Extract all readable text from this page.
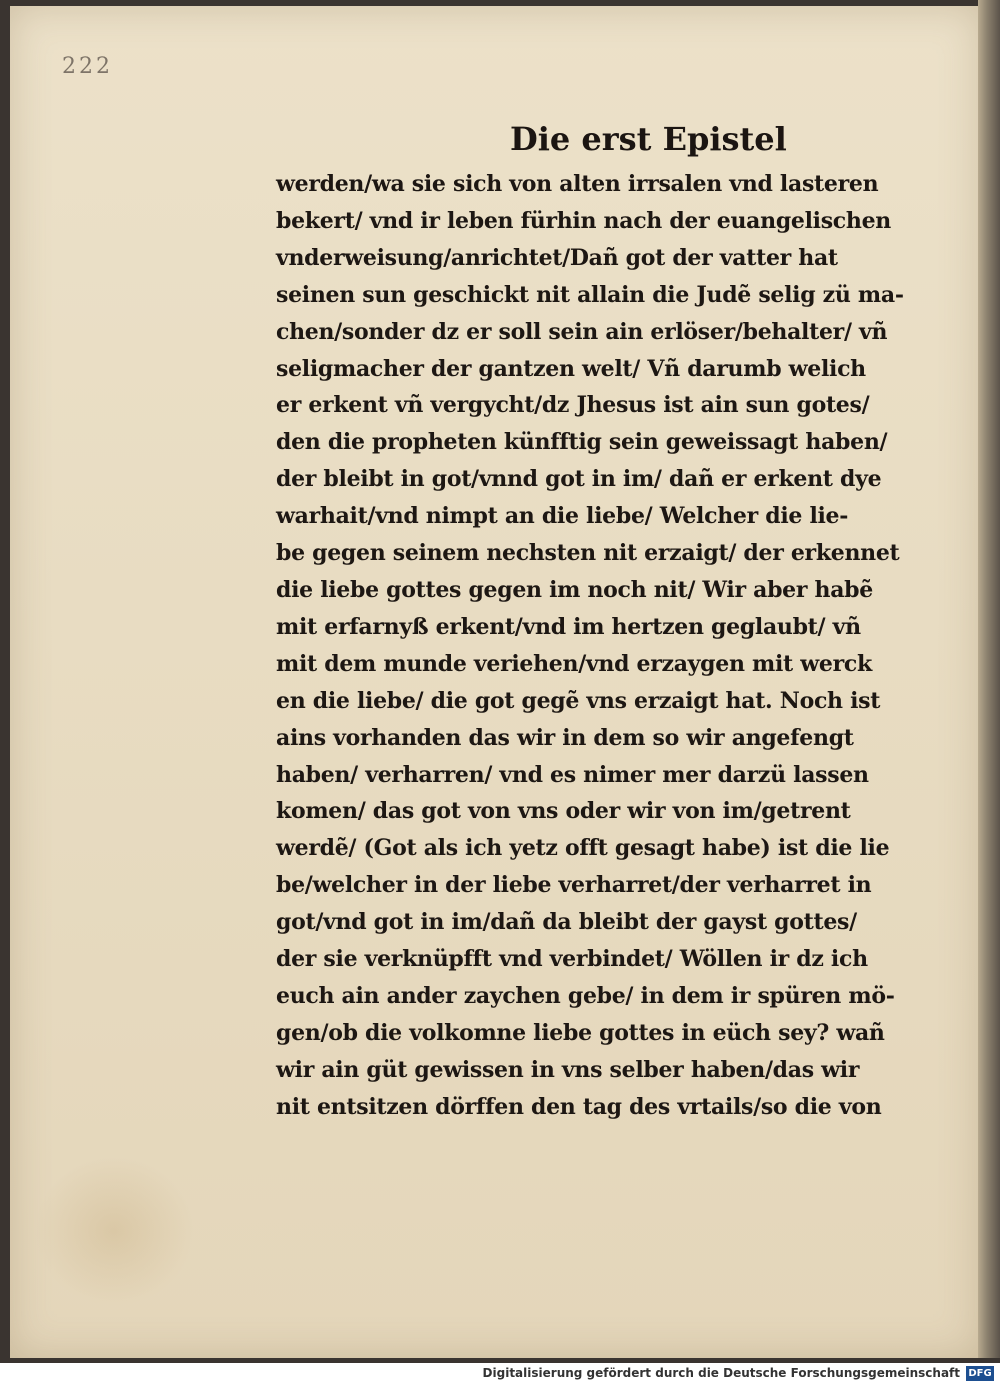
222
Die erst Epistel
werden/wa sie sich von alten irrsalen vnd lasteren
bekert/ vnd ir leben fürhin nach der euangelischen
vnderweisung/anrichtet/Dañ got der vatter hat
seinen sun geschickt nit allain die Judẽ selig zü ma-
chen/sonder dz er soll sein ain erlöser/behalter/ vñ
seligmacher der gantzen welt/ Vñ darumb welich
er erkent vñ vergycht/dz Jhesus ist ain sun gotes/
den die propheten künfftig sein geweissagt haben/
der bleibt in got/vnnd got in im/ dañ er erkent dye
warhait/vnd nimpt an die liebe/ Welcher die lie-
be gegen seinem nechsten nit erzaigt/ der erkennet
die liebe gottes gegen im noch nit/ Wir aber habẽ
mit erfarnyß erkent/vnd im hertzen geglaubt/ vñ
mit dem munde veriehen/vnd erzaygen mit werck
en die liebe/ die got gegẽ vns erzaigt hat. Noch ist
ains vorhanden das wir in dem so wir angefengt
haben/ verharren/ vnd es nimer mer darzü lassen
komen/ das got von vns oder wir von im/getrent
werdẽ/ (Got als ich yetz offt gesagt habe) ist die lie
be/welcher in der liebe verharret/der verharret in
got/vnd got in im/dañ da bleibt der gayst gottes/
der sie verknüpfft vnd verbindet/ Wöllen ir dz ich
euch ain ander zaychen gebe/ in dem ir spüren mö-
gen/ob die volkomne liebe gottes in eüch sey? wañ
wir ain güt gewissen in vns selber haben/das wir
nit entsitzen dörffen den tag des vrtails/so die von
Digitalisierung gefördert durch die Deutsche Forschungsgemeinschaft DFG
